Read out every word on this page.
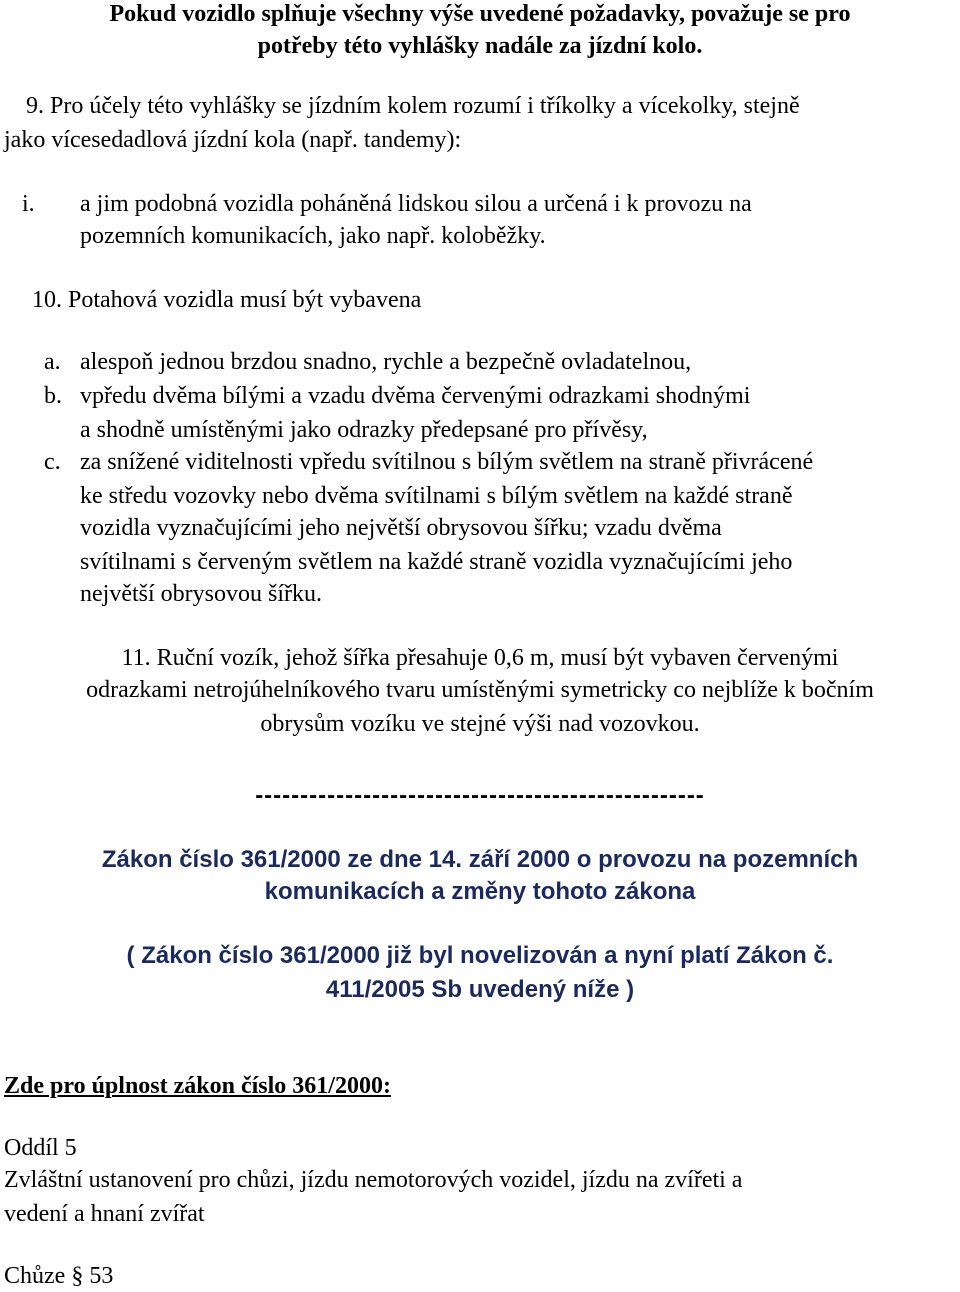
Pokud vozidlo splňuje všechny výše uvedené požadavky, považuje se pro
potřeby této vyhlášky nadále za jízdní kolo.
9. Pro účely této vyhlášky se jízdním kolem rozumí i tříkolky a vícekolky, stejně
jako vícesedadlová jízdní kola (např. tandemy):
i. a jim podobná vozidla poháněná lidskou silou a určená i k provozu na
pozemních komunikacích, jako např. koloběžky.
10. Potahová vozidla musí být vybavena
a. alespoň jednou brzdou snadno, rychle a bezpečně ovladatelnou,
b. vpředu dvěma bílými a vzadu dvěma červenými odrazkami shodnými
a shodně umístěnými jako odrazky předepsané pro přívěsy,
c. za snížené viditelnosti vpředu svítilnou s bílým světlem na straně přivrácené
ke středu vozovky nebo dvěma svítilnami s bílým světlem na každé straně
vozidla vyznačujícími jeho největší obrysovou šířku; vzadu dvěma
svítilnami s červeným světlem na každé straně vozidla vyznačujícími jeho
největší obrysovou šířku.
11. Ruční vozík, jehož šířka přesahuje 0,6 m, musí být vybaven červenými
odrazkami netrojúhelníkového tvaru umístěnými symetricky co nejblíže k bočním
obrysům vozíku ve stejné výši nad vozovkou.
--------------------------------------------------
Zákon číslo 361/2000 ze dne 14. září 2000 o provozu na pozemních
komunikacích a změny tohoto zákona
( Zákon číslo 361/2000 již byl novelizován a nyní platí Zákon č.
411/2005 Sb uvedený níže )
Zde pro úplnost zákon číslo 361/2000:
Oddíl 5
Zvláštní ustanovení pro chůzi, jízdu nemotorových vozidel, jízdu na zvířeti a
vedení a hnaní zvířat
Chůze § 53
